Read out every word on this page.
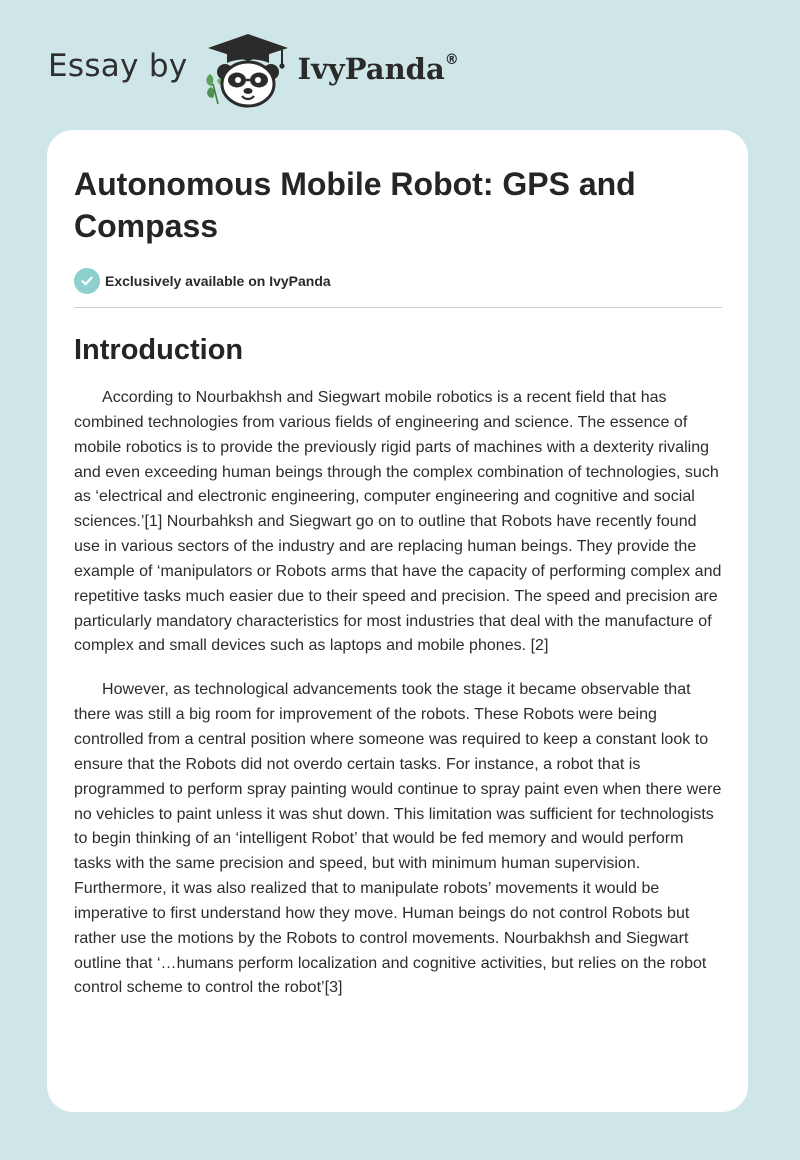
Essay by	IvyPanda®
Autonomous Mobile Robot: GPS and Compass
Exclusively available on IvyPanda
Introduction

According to Nourbakhsh and Siegwart mobile robotics is a recent field that has combined technologies from various fields of engineering and science. The essence of mobile robotics is to provide the previously rigid parts of machines with a dexterity rivaling and even exceeding human beings through the complex combination of technologies, such as ‘electrical and electronic engineering, computer engineering and cognitive and social sciences.’[1] Nourbahksh and Siegwart go on to outline that Robots have recently found use in various sectors of the industry and are replacing human beings. They provide the example of ‘manipulators or Robots arms that have the capacity of performing complex and repetitive tasks much easier due to their speed and precision. The speed and precision are particularly mandatory characteristics for most industries that deal with the manufacture of complex and small devices such as laptops and mobile phones. [2]

However, as technological advancements took the stage it became observable that there was still a big room for improvement of the robots. These Robots were being controlled from a central position where someone was required to keep a constant look to ensure that the Robots did not overdo certain tasks. For instance, a robot that is programmed to perform spray painting would continue to spray paint even when there were no vehicles to paint unless it was shut down. This limitation was sufficient for technologists to begin thinking of an ‘intelligent Robot’ that would be fed memory and would perform tasks with the same precision and speed, but with minimum human supervision. Furthermore, it was also realized that to manipulate robots’ movements it would be imperative to first understand how they move. Human beings do not control Robots but rather use the motions by the Robots to control movements. Nourbakhsh and Siegwart outline that ‘…humans perform localization and cognitive activities, but relies on the robot control scheme to control the robot’[3]
